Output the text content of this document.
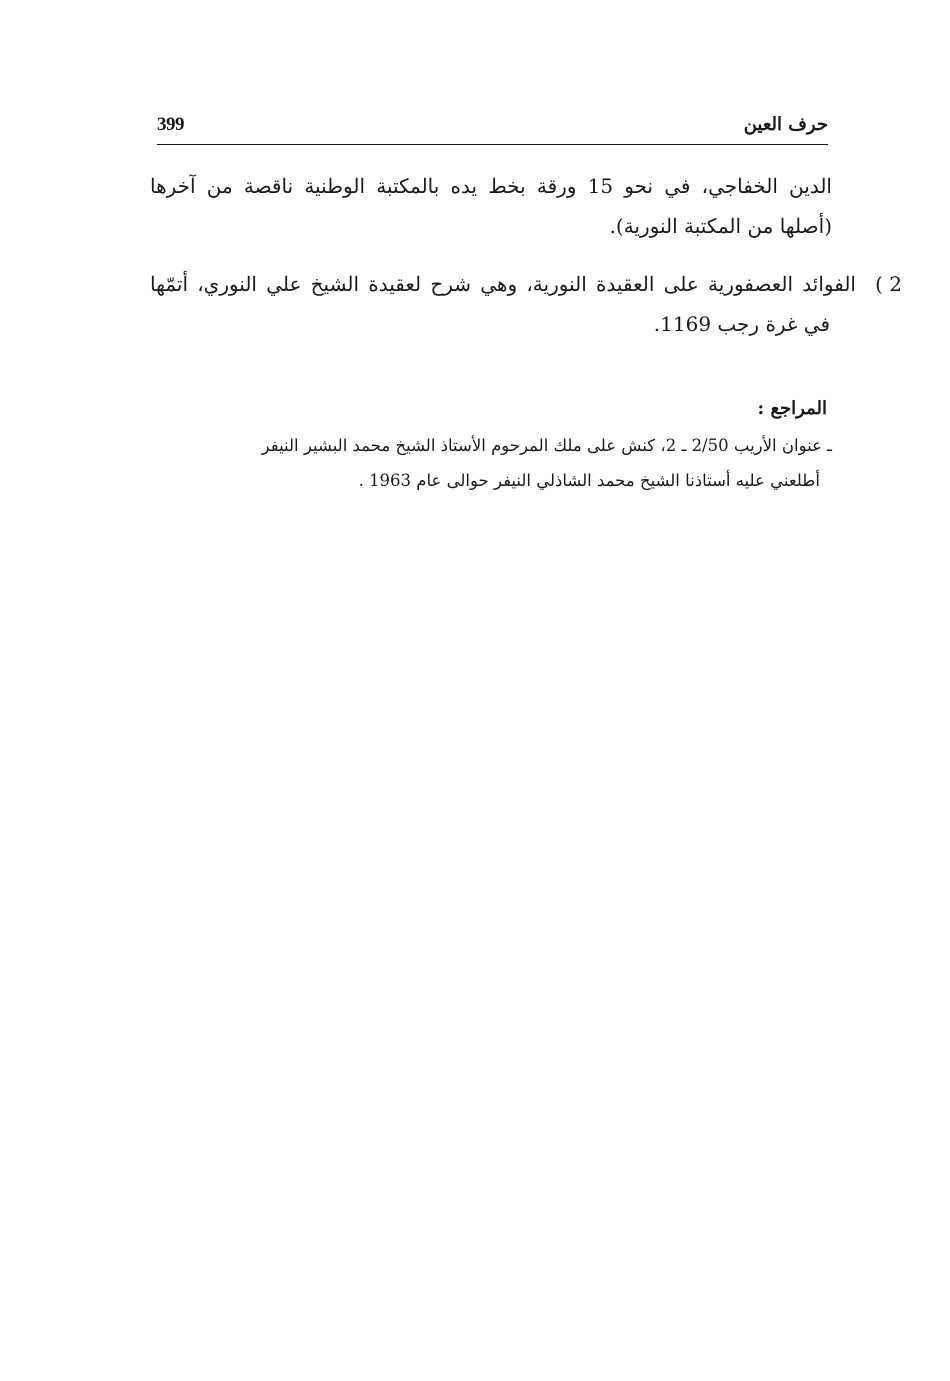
399	حرف العين

الدين الخفاجي، في نحو 15 ورقة بخط يده بالمكتبة الوطنية ناقصة من آخرها (أصلها من المكتبة النورية).

2 )الفوائد العصفورية على العقيدة النورية، وهي شرح لعقيدة الشيخ علي النوري، أتمّها في غرة رجب 1169.

المراجع :

ـ عنوان الأريب 2/50 ـ 2، كنش على ملك المرحوم الأستاذ الشيخ محمد البشير النيفر
أطلعني عليه أستاذنا الشيخ محمد الشاذلي النيفر حوالى عام 1963 .
